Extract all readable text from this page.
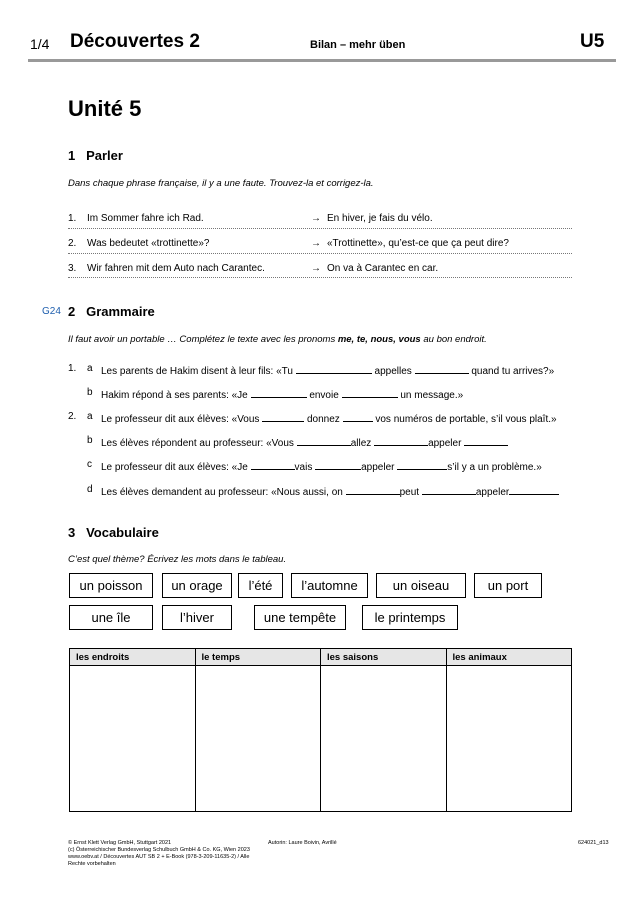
1/4 Découvertes 2	Bilan – mehr üben	U5
Unité 5
1 Parler
Dans chaque phrase française, il y a une faute. Trouvez-la et corrigez-la.
1. Im Sommer fahre ich Rad.	→ En hiver, je fais du vélo.
2. Was bedeutet «trottinette»?	→ «Trottinette», qu’est-ce que ça peut dire?
3. Wir fahren mit dem Auto nach Carantec.	→ On va à Carantec en car.
G24 2 Grammaire
Il faut avoir un portable … Complétez le texte avec les pronoms me, te, nous, vous au bon endroit.
1. a Les parents de Hakim disent à leur fils: «Tu	appelles	quand tu arrives?»
b Hakim répond à ses parents: «Je	envoie	un message.»
2. a Le professeur dit aux élèves: «Vous	donnez	vos numéros de portable, s’il vous plaît.»
b Les élèves répondent au professeur: «Vous	allez	appeler
c Le professeur dit aux élèves: «Je	vais	appeler	s’il y a un problème.»
d Les élèves demandent au professeur: «Nous aussi, on	peut	appeler
3 Vocabulaire
C’est quel thème? Écrivez les mots dans le tableau.
un poisson	un orage	l’été	l’automne	un oiseau	un port
une île	l’hiver	une tempête	le printemps
les endroits	le temps	les saisons	les animaux

© Ernst Klett Verlag GmbH, Stuttgart 2021
(c) Österreichischer Bundesverlag Schulbuch GmbH & Co. KG, Wien 2023
www.oebv.at / Découvertes AUT SB 2 + E-Book (978-3-209-11635-2) / Alle
Rechte vorbehalten
Autorin: Laure Boivin, Avrillé	624021_d13
